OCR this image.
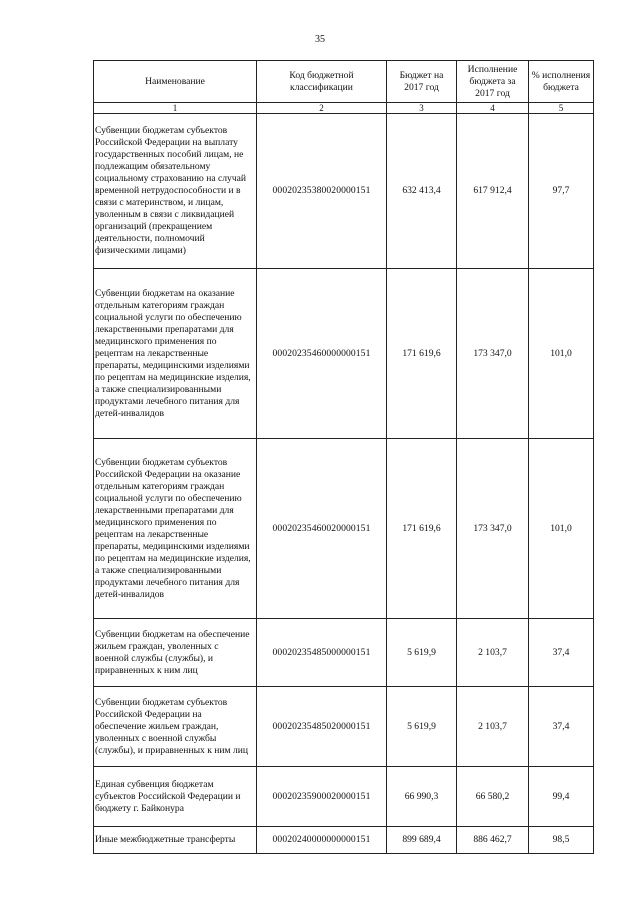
35
Наименование	Код бюджетной классификации	Бюджет на 2017 год	Исполнение бюджета за 2017 год	% исполнения бюджета
1	2	3	4	5
Субвенции бюджетам субъектов Российской Федерации на выплату государственных пособий лицам, не подлежащим обязательному социальному страхованию на случай временной нетрудоспособности и в связи с материнством, и лицам, уволенным в связи с ликвидацией организаций (прекращением деятельности, полномочий физическими лицами)	00020235380020000151	632 413,4	617 912,4	97,7
Субвенции бюджетам на оказание отдельным категориям граждан социальной услуги по обеспечению лекарственными препаратами для медицинского применения по рецептам на лекарственные препараты, медицинскими изделиями по рецептам на медицинские изделия, а также специализированными продуктами лечебного питания для детей-инвалидов	00020235460000000151	171 619,6	173 347,0	101,0
Субвенции бюджетам субъектов Российской Федерации на оказание отдельным категориям граждан социальной услуги по обеспечению лекарственными препаратами для медицинского применения по рецептам на лекарственные препараты, медицинскими изделиями по рецептам на медицинские изделия, а также специализированными продуктами лечебного питания для детей-инвалидов	00020235460020000151	171 619,6	173 347,0	101,0
Субвенции бюджетам на обеспечение жильем граждан, уволенных с военной службы (службы), и приравненных к ним лиц	00020235485000000151	5 619,9	2 103,7	37,4
Субвенции бюджетам субъектов Российской Федерации на обеспечение жильем граждан, уволенных с военной службы (службы), и приравненных к ним лиц	00020235485020000151	5 619,9	2 103,7	37,4
Единая субвенция бюджетам субъектов Российской Федерации и бюджету г. Байконура	00020235900020000151	66 990,3	66 580,2	99,4
Иные межбюджетные трансферты	00020240000000000151	899 689,4	886 462,7	98,5
